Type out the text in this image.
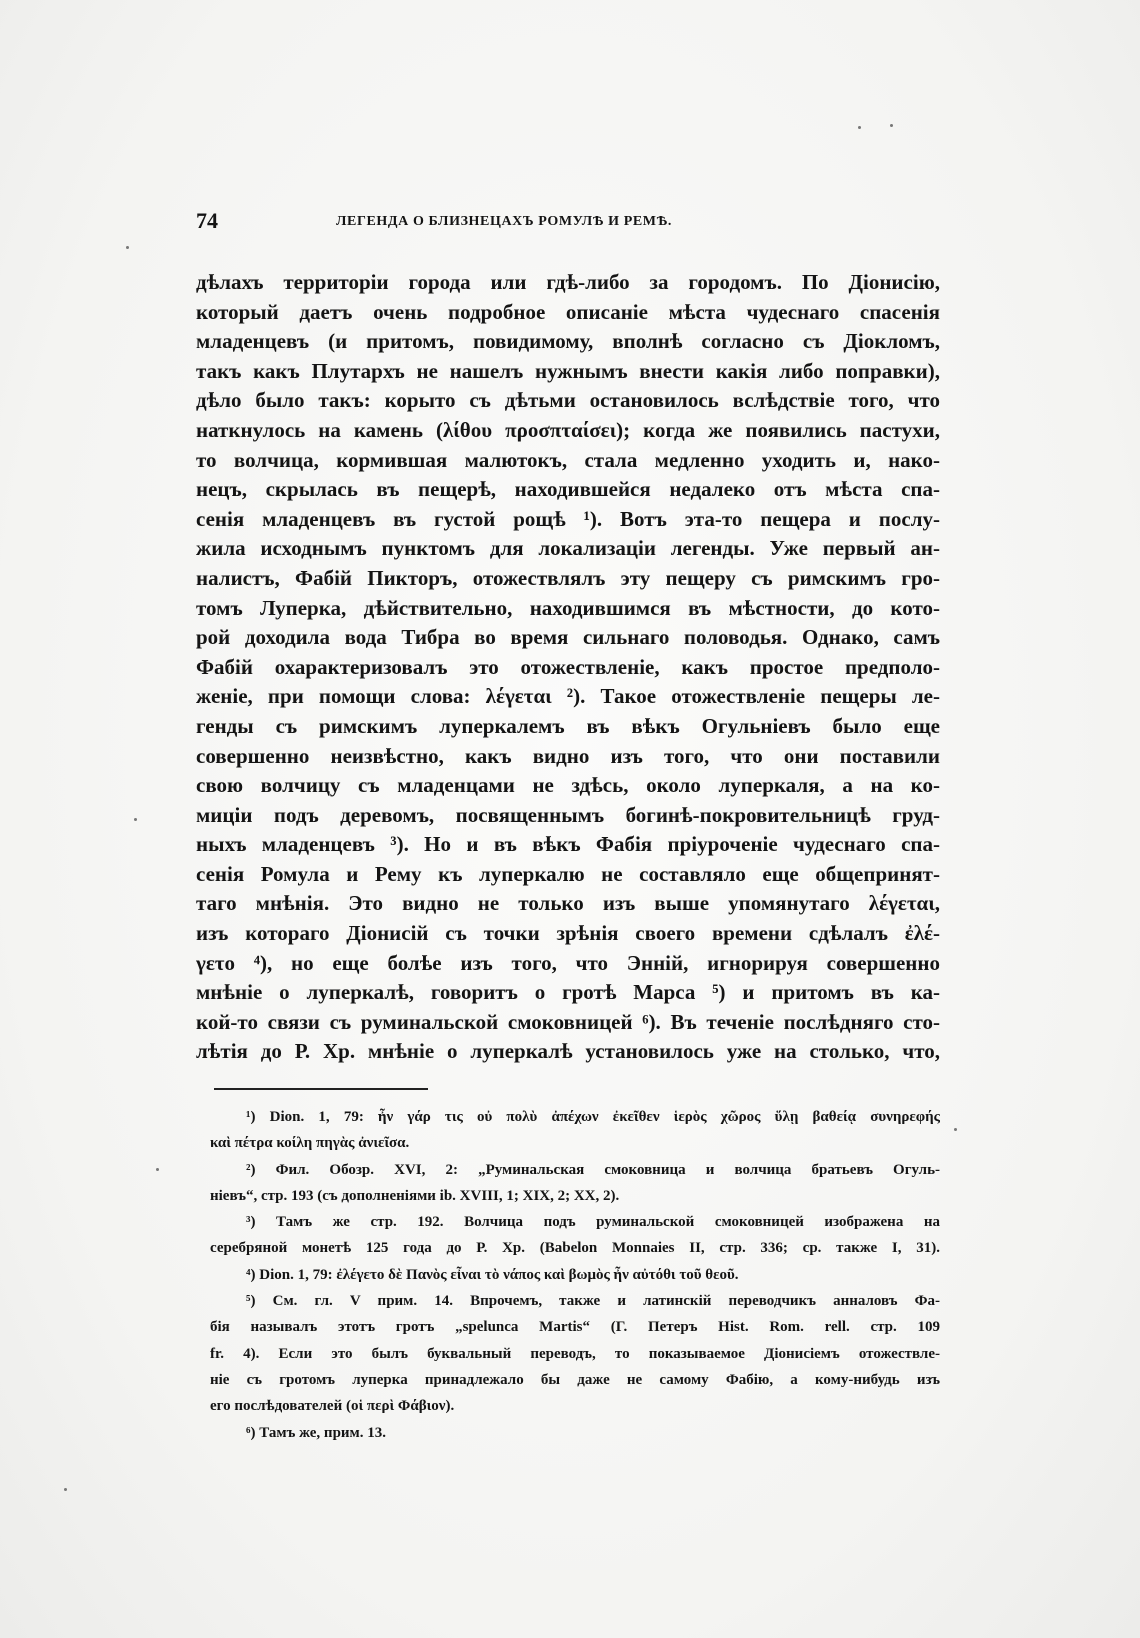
74	ЛЕГЕНДА О БЛИЗНЕЦАХЪ РОМУЛѢ И РЕМѢ.
дѣлахъ территоріи города или гдѣ-либо за городомъ. По Діонисію,
который даетъ очень подробное описаніе мѣста чудеснаго спасенія
младенцевъ (и притомъ, повидимому, вполнѣ согласно съ Діокломъ,
такъ какъ Плутархъ не нашелъ нужнымъ внести какія либо поправки),
дѣло было такъ: корыто съ дѣтьми остановилось вслѣдствіе того, что
наткнулось на камень (λίθου προσπταίσει); когда же появились пастухи,
то волчица, кормившая малютокъ, стала медленно уходить и, нако-
нецъ, скрылась въ пещерѣ, находившейся недалеко отъ мѣста спа-
сенія младенцевъ въ густой рощѣ ¹). Вотъ эта-то пещера и послу-
жила исходнымъ пунктомъ для локализаціи легенды. Уже первый ан-
налистъ, Фабій Пикторъ, отожествлялъ эту пещеру съ римскимъ гро-
томъ Луперка, дѣйствительно, находившимся въ мѣстности, до кото-
рой доходила вода Тибра во время сильнаго половодья. Однако, самъ
Фабій охарактеризовалъ это отожествленіе, какъ простое предполо-
женіе, при помощи слова: λέγεται ²). Такое отожествленіе пещеры ле-
генды съ римскимъ луперкалемъ въ вѣкъ Огульніевъ было еще
совершенно неизвѣстно, какъ видно изъ того, что они поставили
свою волчицу съ младенцами не здѣсь, около луперкаля, а на ко-
миціи подъ деревомъ, посвященнымъ богинѣ-покровительницѣ груд-
ныхъ младенцевъ ³). Но и въ вѣкъ Фабія пріуроченіе чудеснаго спа-
сенія Ромула и Рему къ луперкалю не составляло еще общепринят-
таго мнѣнія. Это видно не только изъ выше упомянутаго λέγεται,
изъ котораго Діонисій съ точки зрѣнія своего времени сдѣлалъ ἐλέ-
γετο ⁴), но еще болѣе изъ того, что Энній, игнорируя совершенно
мнѣніе о луперкалѣ, говоритъ о гротѣ Марса ⁵) и притомъ въ ка-
кой-то связи съ руминальской смоковницей ⁶). Въ теченіе послѣдняго сто-
лѣтія до Р. Хр. мнѣніе о луперкалѣ установилось уже на столько, что,
¹) Dion. 1, 79: ἦν γάρ τις οὐ πολὺ ἀπέχων ἐκεῖθεν ἱερὸς χῶρος ὕλῃ βαθείᾳ συνηρεφής
καὶ πέτρα κοίλη πηγὰς ἀνιεῖσα.
²) Фил. Обозр. XVI, 2: „Руминальская смоковница и волчица братьевъ Огуль-
ніевъ“, стр. 193 (съ дополненіями ib. XVIII, 1; XIX, 2; XX, 2).
³) Тамъ же стр. 192. Волчица подъ руминальской смоковницей изображена на
серебряной монетѣ 125 года до Р. Хр. (Babelon Monnaies II, стр. 336; ср. также I, 31).
⁴) Dion. 1, 79: ἐλέγετο δὲ Πανὸς εἶναι τὸ νάπος καὶ βωμὸς ἦν αὐτόθι τοῦ θεοῦ.
⁵) См. гл. V прим. 14. Впрочемъ, также и латинскій переводчикъ анналовъ Фа-
бія называлъ этотъ гротъ „spelunca Martis“ (Г. Петеръ Hist. Rom. rell. стр. 109
fr. 4). Если это былъ буквальный переводъ, то показываемое Діонисіемъ отожествле-
ніе съ гротомъ луперка принадлежало бы даже не самому Фабію, а кому-нибудь изъ
его послѣдователей (οἱ περὶ Φάβιον).
⁶) Тамъ же, прим. 13.
